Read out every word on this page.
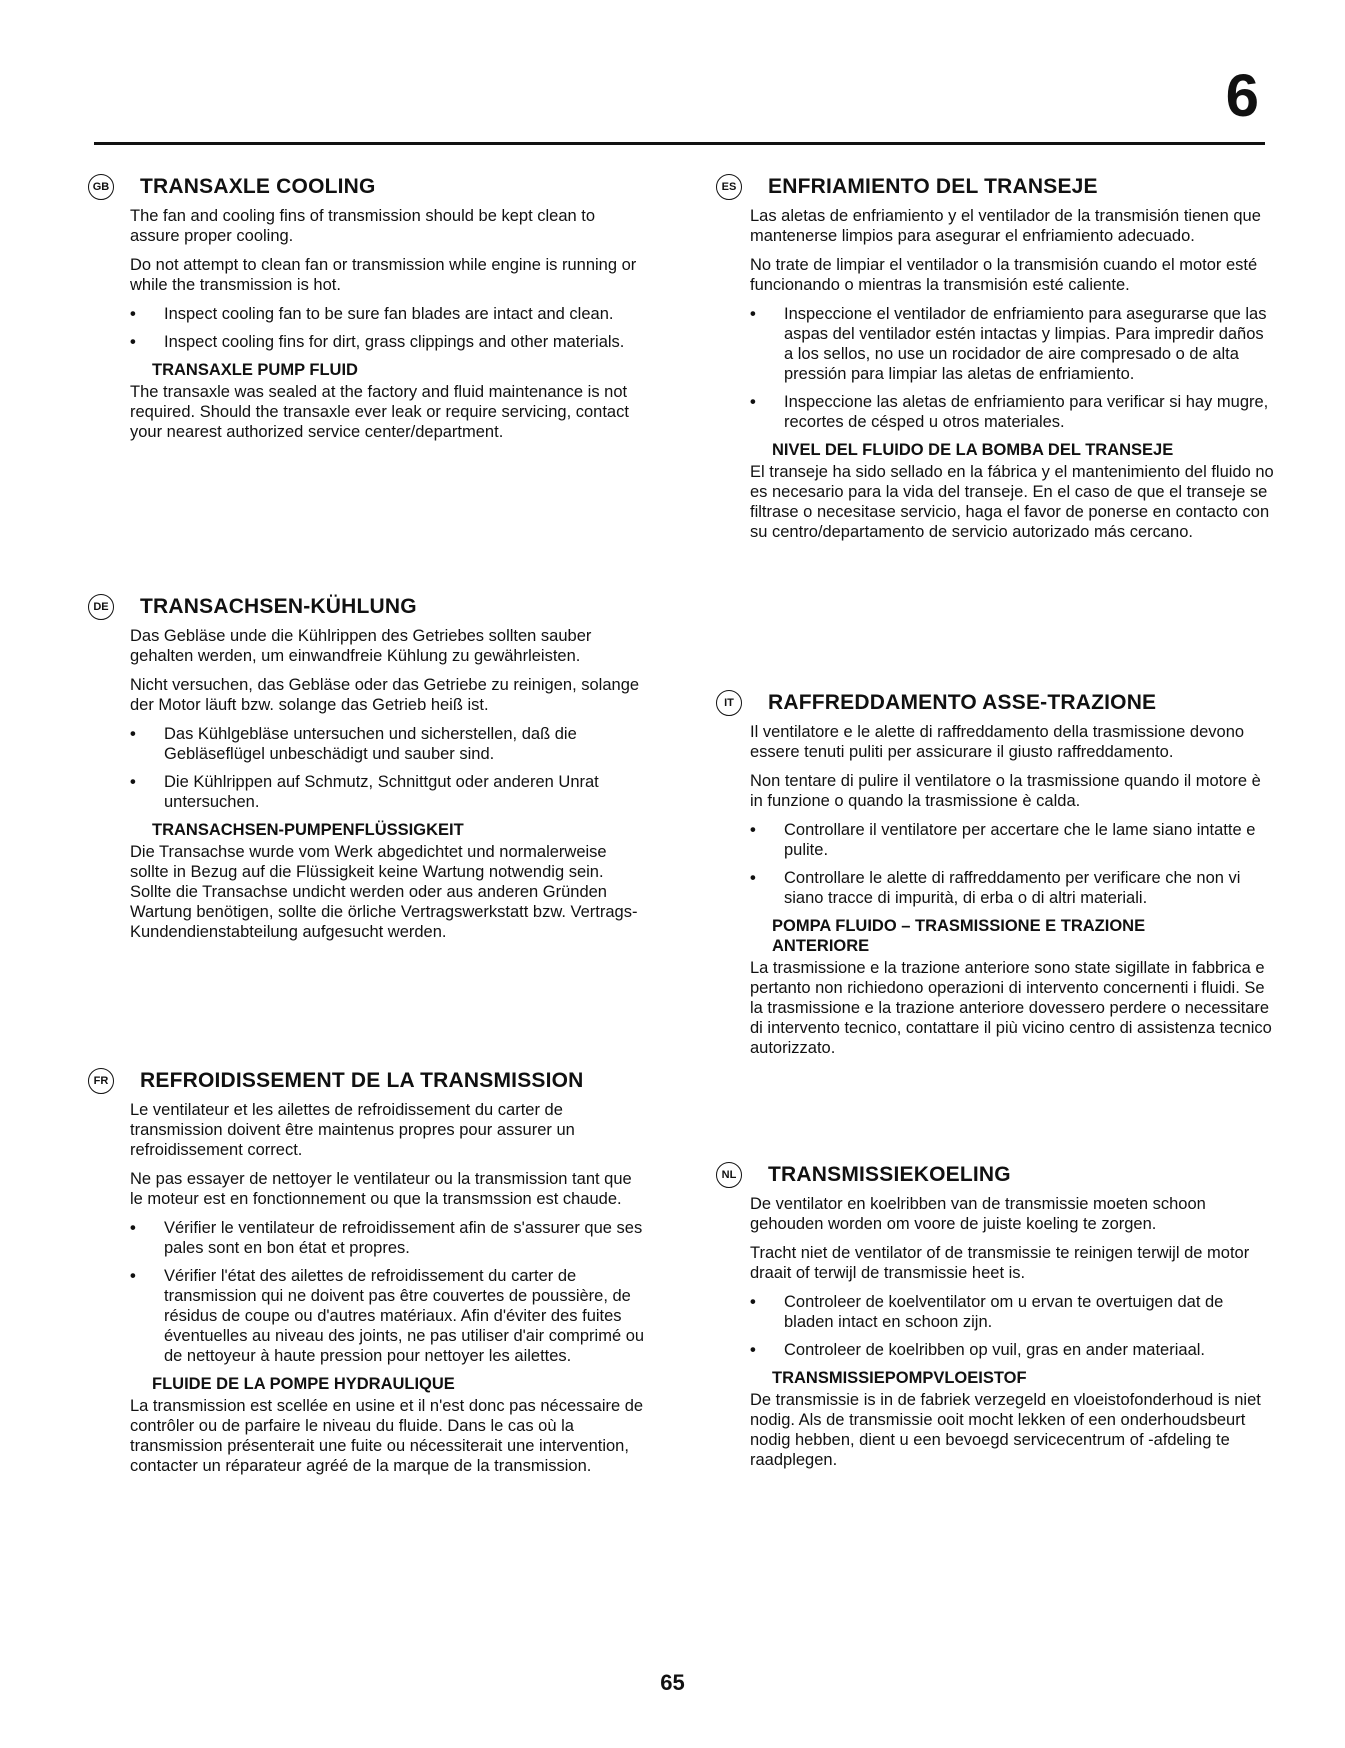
6
GB TRANSAXLE COOLING

The fan and cooling fins of transmission should be kept clean to assure proper cooling.

Do not attempt to clean fan or transmission while engine is running or while the transmission is hot.

• Inspect cooling fan to be sure fan blades are intact and clean.
• Inspect cooling fins for dirt, grass clippings and other materials.
TRANSAXLE PUMP FLUID

The transaxle was sealed at the factory and fluid maintenance is not required. Should the transaxle ever leak or require servicing, contact your nearest authorized service center/department.

DE TRANSACHSEN-KÜHLUNG

Das Gebläse unde die Kühlrippen des Getriebes sollten sauber gehalten werden, um einwandfreie Kühlung zu gewährleisten.

Nicht versuchen, das Gebläse oder das Getriebe zu reinigen, solange der Motor läuft bzw. solange das Getrieb heiß ist.

• Das Kühlgebläse untersuchen und sicherstellen, daß die Gebläseflügel unbeschädigt und sauber sind.
• Die Kühlrippen auf Schmutz, Schnittgut oder anderen Unrat untersuchen.
TRANSACHSEN-PUMPENFLÜSSIGKEIT

Die Transachse wurde vom Werk abgedichtet und normalerweise sollte in Bezug auf die Flüssigkeit keine Wartung notwendig sein. Sollte die Transachse undicht werden oder aus anderen Gründen Wartung benötigen, sollte die örliche Vertragswerkstatt bzw. Vertrags-Kundendienstabteilung aufgesucht werden.

FR REFROIDISSEMENT DE LA TRANSMISSION

Le ventilateur et les ailettes de refroidissement du carter de transmission doivent être maintenus propres pour assurer un refroidissement correct.

Ne pas essayer de nettoyer le ventilateur ou la transmission tant que le moteur est en fonctionnement ou que la transmssion est chaude.

• Vérifier le ventilateur de refroidissement afin de s'assurer que ses pales sont en bon état et propres.
• Vérifier l'état des ailettes de refroidissement du carter de transmission qui ne doivent pas être couvertes de poussière, de résidus de coupe ou d'autres matériaux. Afin d'éviter des fuites éventuelles au niveau des joints, ne pas utiliser d'air comprimé ou de nettoyeur à haute pression pour nettoyer les ailettes.
FLUIDE DE LA POMPE HYDRAULIQUE

La transmission est scellée en usine et il n'est donc pas nécessaire de contrôler ou de parfaire le niveau du fluide. Dans le cas où la transmission présenterait une fuite ou nécessiterait une intervention, contacter un réparateur agréé de la marque de la transmission.

ES ENFRIAMIENTO DEL TRANSEJE

Las aletas de enfriamiento y el ventilador de la transmisión tienen que mantenerse limpios para asegurar el enfriamiento adecuado.

No trate de limpiar el ventilador o la transmisión cuando el motor esté funcionando o mientras la transmisión esté caliente.

• Inspeccione el ventilador de enfriamiento para asegurarse que las aspas del ventilador estén intactas y limpias. Para impredir daños a los sellos, no use un rocidador de aire compresado o de alta pressión para limpiar las aletas de enfriamiento.
• Inspeccione las aletas de enfriamiento para verificar si hay mugre, recortes de césped u otros materiales.
NIVEL DEL FLUIDO DE LA BOMBA DEL TRANSEJE

El transeje ha sido sellado en la fábrica y el mantenimiento del fluido no es necesario para la vida del transeje. En el caso de que el transeje se filtrase o necesitase servicio, haga el favor de ponerse en contacto con su centro/departamento de servicio autorizado más cercano.

IT	RAFFREDDAMENTO ASSE-TRAZIONE

Il ventilatore e le alette di raffreddamento della trasmissione devono essere tenuti puliti per assicurare il giusto raffreddamento.

Non tentare di pulire il ventilatore o la trasmissione quando il motore è in funzione o quando la trasmissione è calda.

• Controllare il ventilatore per accertare che le lame siano intatte e pulite.
• Controllare le alette di raffreddamento per verificare che non vi siano tracce di impurità, di erba o di altri materiali.
POMPA FLUIDO – TRASMISSIONE E TRAZIONE ANTERIORE

La trasmissione e la trazione anteriore sono state sigillate in fabbrica e pertanto non richiedono operazioni di intervento concernenti i fluidi. Se la trasmissione e la trazione anteriore dovessero perdere o necessitare di intervento tecnico, contattare il più vicino centro di assistenza tecnico autorizzato.

NL TRANSMISSIEKOELING

De ventilator en koelribben van de transmissie moeten schoon gehouden worden om voore de juiste koeling te zorgen.

Tracht niet de ventilator of de transmissie te reinigen terwijl de motor draait of terwijl de transmissie heet is.

• Controleer de koelventilator om u ervan te overtuigen dat de bladen intact en schoon zijn.
• Controleer de koelribben op vuil, gras en ander materiaal.
TRANSMISSIEPOMPVLOEISTOF

De transmissie is in de fabriek verzegeld en vloeistofonderhoud is niet nodig. Als de transmissie ooit mocht lekken of een onderhoudsbeurt nodig hebben, dient u een bevoegd servicecentrum of -afdeling te raadplegen.

65
